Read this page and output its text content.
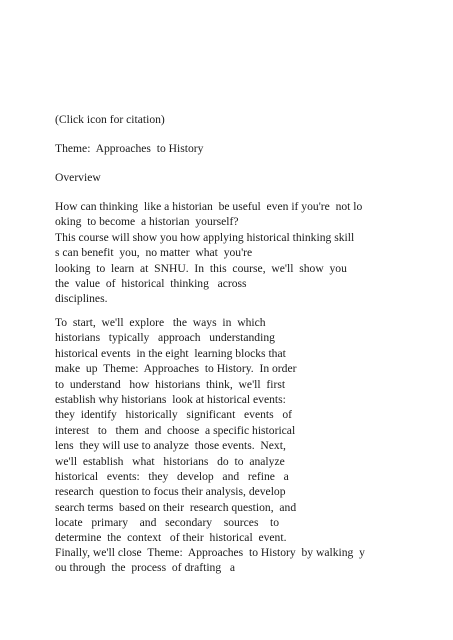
(Click icon for citation)
Theme:  Approaches  to History
Overview
How can thinking  like a historian  be useful  even if you're  not lo
oking  to become  a historian  yourself?
This course will show you how applying historical thinking skill
s can benefit  you,  no matter  what  you're
looking  to  learn  at  SNHU.  In  this  course,  we'll  show  you
the  value  of  historical  thinking   across
disciplines.
To  start,  we'll  explore   the  ways  in  which
historians   typically   approach   understanding
historical events  in the eight  learning blocks that
make  up  Theme:  Approaches  to History.  In order
to  understand   how  historians  think,  we'll  first
establish why historians  look at historical events:
they  identify   historically   significant   events   of
interest   to   them  and  choose  a specific historical
lens  they will use to analyze  those events.  Next,
we'll  establish   what   historians   do  to  analyze
historical   events:   they   develop   and   refine   a
research  question to focus their analysis, develop
search terms  based on their  research question,  and
locate   primary    and   secondary    sources    to
determine  the  context   of their  historical  event.
Finally, we'll close  Theme:  Approaches  to History  by walking  y
ou through  the  process  of drafting   a
